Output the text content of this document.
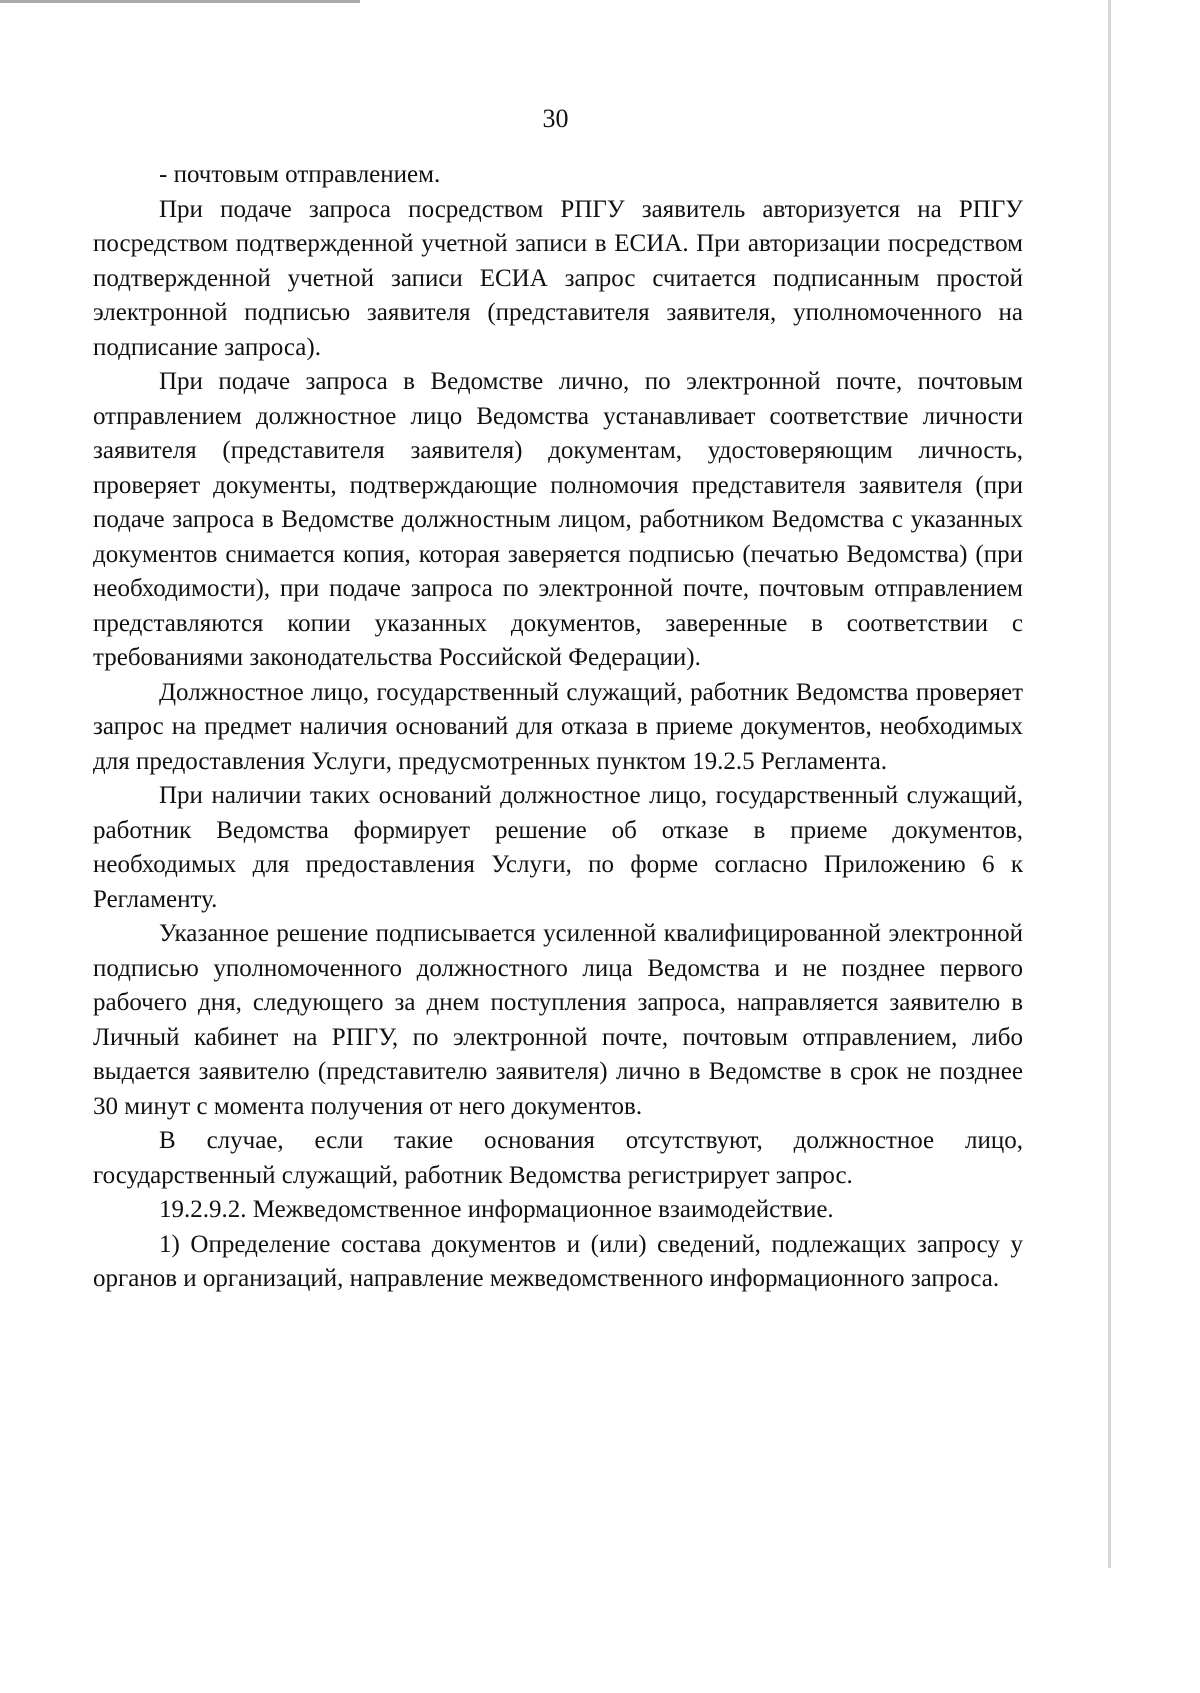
30

- почтовым отправлением.

При подаче запроса посредством РПГУ заявитель авторизуется на РПГУ посредством подтвержденной учетной записи в ЕСИА. При авторизации посредством подтвержденной учетной записи ЕСИА запрос считается подписанным простой электронной подписью заявителя (представителя заявителя, уполномоченного на подписание запроса).

При подаче запроса в Ведомстве лично, по электронной почте, почтовым отправлением должностное лицо Ведомства устанавливает соответствие личности заявителя (представителя заявителя) документам, удостоверяющим личность, проверяет документы, подтверждающие полномочия представителя заявителя (при подаче запроса в Ведомстве должностным лицом, работником Ведомства с указанных документов снимается копия, которая заверяется подписью (печатью Ведомства) (при необходимости), при подаче запроса по электронной почте, почтовым отправлением представляются копии указанных документов, заверенные в соответствии с требованиями законодательства Российской Федерации).

Должностное лицо, государственный служащий, работник Ведомства проверяет запрос на предмет наличия оснований для отказа в приеме документов, необходимых для предоставления Услуги, предусмотренных пунктом 19.2.5 Регламента.

При наличии таких оснований должностное лицо, государственный служащий, работник Ведомства формирует решение об отказе в приеме документов, необходимых для предоставления Услуги, по форме согласно Приложению 6 к Регламенту.

Указанное решение подписывается усиленной квалифицированной электронной подписью уполномоченного должностного лица Ведомства и не позднее первого рабочего дня, следующего за днем поступления запроса, направляется заявителю в Личный кабинет на РПГУ, по электронной почте, почтовым отправлением, либо выдается заявителю (представителю заявителя) лично в Ведомстве в срок не позднее 30 минут с момента получения от него документов.

В случае, если такие основания отсутствуют, должностное лицо, государственный служащий, работник Ведомства регистрирует запрос.

19.2.9.2. Межведомственное информационное взаимодействие.

1) Определение состава документов и (или) сведений, подлежащих запросу у органов и организаций, направление межведомственного информационного запроса.
